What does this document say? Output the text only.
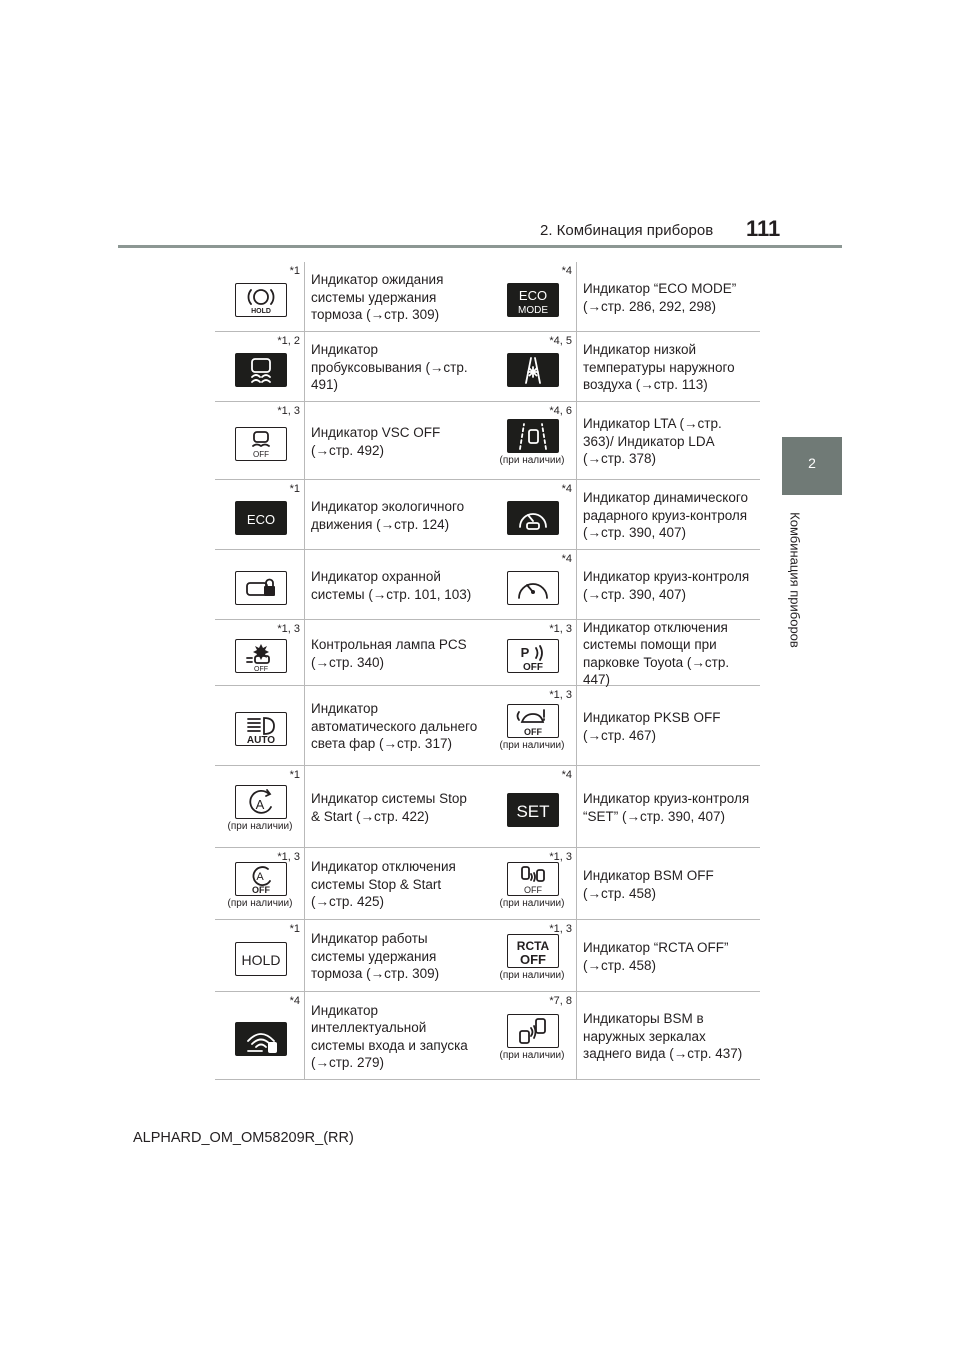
2. Комбинация приборов 111
2
Комбинация приборов
*1
HOLD
Индикатор ожидания системы удержания тормоза (→стр. 309)
*4
ECO
MODE
Индикатор “ECO MODE” (→стр. 286, 292, 298)
*1, 2
Индикатор пробуксовывания (→стр. 491)
*4, 5
Индикатор низкой температуры наружного воздуха (→стр. 113)
*1, 3
OFF
Индикатор VSC OFF (→стр. 492)
*4, 6
(при наличии)
Индикатор LTA (→стр. 363)/ Индикатор LDA (→стр. 378)
*1
ECO
Индикатор экологичного движения (→стр. 124)
*4
Индикатор динамического радарного круиз-контроля (→стр. 390, 407)
Индикатор охранной системы (→стр. 101, 103)
*4
Индикатор круиз-контроля (→стр. 390, 407)
*1, 3
OFF
Контрольная лампа PCS (→стр. 340)
*1, 3
P
OFF
Индикатор отключения системы помощи при парковке Toyota (→стр. 447)
AUTO
Индикатор автоматического дальнего света фар (→стр. 317)
*1, 3
OFF
(при наличии)
Индикатор PKSB OFF (→стр. 467)
*1
A
(при наличии)
Индикатор системы Stop & Start (→стр. 422)
*4
SET
Индикатор круиз-контроля “SET” (→стр. 390, 407)
*1, 3
A
OFF
(при наличии)
Индикатор отключения системы Stop & Start (→стр. 425)
*1, 3
OFF
(при наличии)
Индикатор BSM OFF (→стр. 458)
*1
HOLD
Индикатор работы системы удержания тормоза (→стр. 309)
*1, 3
RCTA
OFF
(при наличии)
Индикатор “RCTA OFF” (→стр. 458)
*4
Индикатор интеллектуальной системы входа и запуска (→стр. 279)
*7, 8
(при наличии)
Индикаторы BSM в наружных зеркалах заднего вида (→стр. 437)
ALPHARD_OM_OM58209R_(RR)
